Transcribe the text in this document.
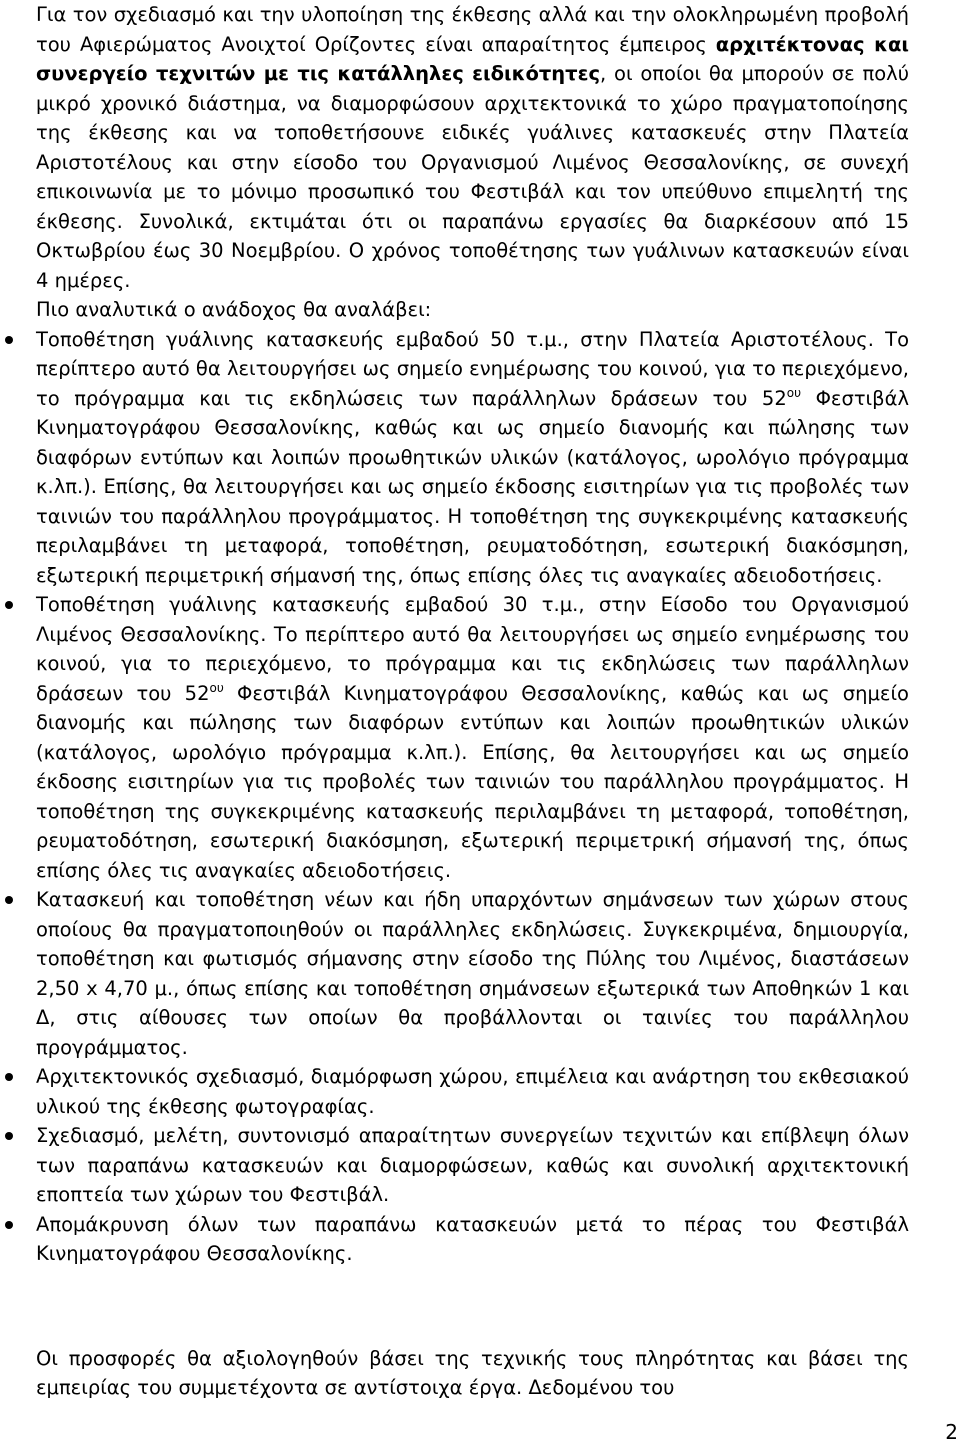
Για τον σχεδιασμό και την υλοποίηση της έκθεσης αλλά και την ολοκληρωμένη προβολή του Αφιερώματος Ανοιχτοί Ορίζοντες είναι απαραίτητος έμπειρος αρχιτέκτονας και συνεργείο τεχνιτών με τις κατάλληλες ειδικότητες, οι οποίοι θα μπορούν σε πολύ μικρό χρονικό διάστημα, να διαμορφώσουν αρχιτεκτονικά το χώρο πραγματοποίησης της έκθεσης και να τοποθετήσουνε ειδικές γυάλινες κατασκευές στην Πλατεία Αριστοτέλους και στην είσοδο του Οργανισμού Λιμένος Θεσσαλονίκης, σε συνεχή επικοινωνία με το μόνιμο προσωπικό του Φεστιβάλ και τον υπεύθυνο επιμελητή της έκθεσης. Συνολικά, εκτιμάται ότι οι παραπάνω εργασίες θα διαρκέσουν από 15 Οκτωβρίου έως 30 Νοεμβρίου. Ο χρόνος τοποθέτησης των γυάλινων κατασκευών είναι 4 ημέρες.

Πιο αναλυτικά ο ανάδοχος θα αναλάβει:

Τοποθέτηση γυάλινης κατασκευής εμβαδού 50 τ.μ., στην Πλατεία Αριστοτέλους. Το περίπτερο αυτό θα λειτουργήσει ως σημείο ενημέρωσης του κοινού, για το περιεχόμενο, το πρόγραμμα και τις εκδηλώσεις των παράλληλων δράσεων του $52^{o\upsilon}$ Φεστιβάλ Κινηματογράφου Θεσσαλονίκης, καθώς και ως σημείο διανομής και πώλησης των διαφόρων εντύπων και λοιπών προωθητικών υλικών (κατάλογος, ωρολόγιο πρόγραμμα κ.λπ.). Επίσης, θα λειτουργήσει και ως σημείο έκδοσης εισιτηρίων για τις προβολές των ταινιών του παράλληλου προγράμματος. Η τοποθέτηση της συγκεκριμένης κατασκευής περιλαμβάνει τη μεταφορά, τοποθέτηση, ρευματοδότηση, εσωτερική διακόσμηση, εξωτερική περιμετρική σήμανσή της, όπως επίσης όλες τις αναγκαίες αδειοδοτήσεις.
Τοποθέτηση γυάλινης κατασκευής εμβαδού 30 τ.μ., στην Είσοδο του Οργανισμού Λιμένος Θεσσαλονίκης. Το περίπτερο αυτό θα λειτουργήσει ως σημείο ενημέρωσης του κοινού, για το περιεχόμενο, το πρόγραμμα και τις εκδηλώσεις των παράλληλων δράσεων του $52^{o\upsilon}$ Φεστιβάλ Κινηματογράφου Θεσσαλονίκης, καθώς και ως σημείο διανομής και πώλησης των διαφόρων εντύπων και λοιπών προωθητικών υλικών (κατάλογος, ωρολόγιο πρόγραμμα κ.λπ.). Επίσης, θα λειτουργήσει και ως σημείο έκδοσης εισιτηρίων για τις προβολές των ταινιών του παράλληλου προγράμματος. Η τοποθέτηση της συγκεκριμένης κατασκευής περιλαμβάνει τη μεταφορά, τοποθέτηση, ρευματοδότηση, εσωτερική διακόσμηση, εξωτερική περιμετρική σήμανσή της, όπως επίσης όλες τις αναγκαίες αδειοδοτήσεις.
Κατασκευή και τοποθέτηση νέων και ήδη υπαρχόντων σημάνσεων των χώρων στους οποίους θα πραγματοποιηθούν οι παράλληλες εκδηλώσεις. Συγκεκριμένα, δημιουργία, τοποθέτηση και φωτισμός σήμανσης στην είσοδο της Πύλης του Λιμένος, διαστάσεων 2,50 x 4,70 μ., όπως επίσης και τοποθέτηση σημάνσεων εξωτερικά των Αποθηκών 1 και Δ, στις αίθουσες των οποίων θα προβάλλονται οι ταινίες του παράλληλου προγράμματος.
Αρχιτεκτονικός σχεδιασμό, διαμόρφωση χώρου, επιμέλεια και ανάρτηση του εκθεσιακού υλικού της έκθεσης φωτογραφίας.
Σχεδιασμό, μελέτη, συντονισμό απαραίτητων συνεργείων τεχνιτών και επίβλεψη όλων των παραπάνω κατασκευών και διαμορφώσεων, καθώς και συνολική αρχιτεκτονική εποπτεία των χώρων του Φεστιβάλ.
Απομάκρυνση όλων των παραπάνω κατασκευών μετά το πέρας του Φεστιβάλ Κινηματογράφου Θεσσαλονίκης.

Οι προσφορές θα αξιολογηθούν βάσει της τεχνικής τους πληρότητας και βάσει της εμπειρίας του συμμετέχοντα σε αντίστοιχα έργα. Δεδομένου του

2
